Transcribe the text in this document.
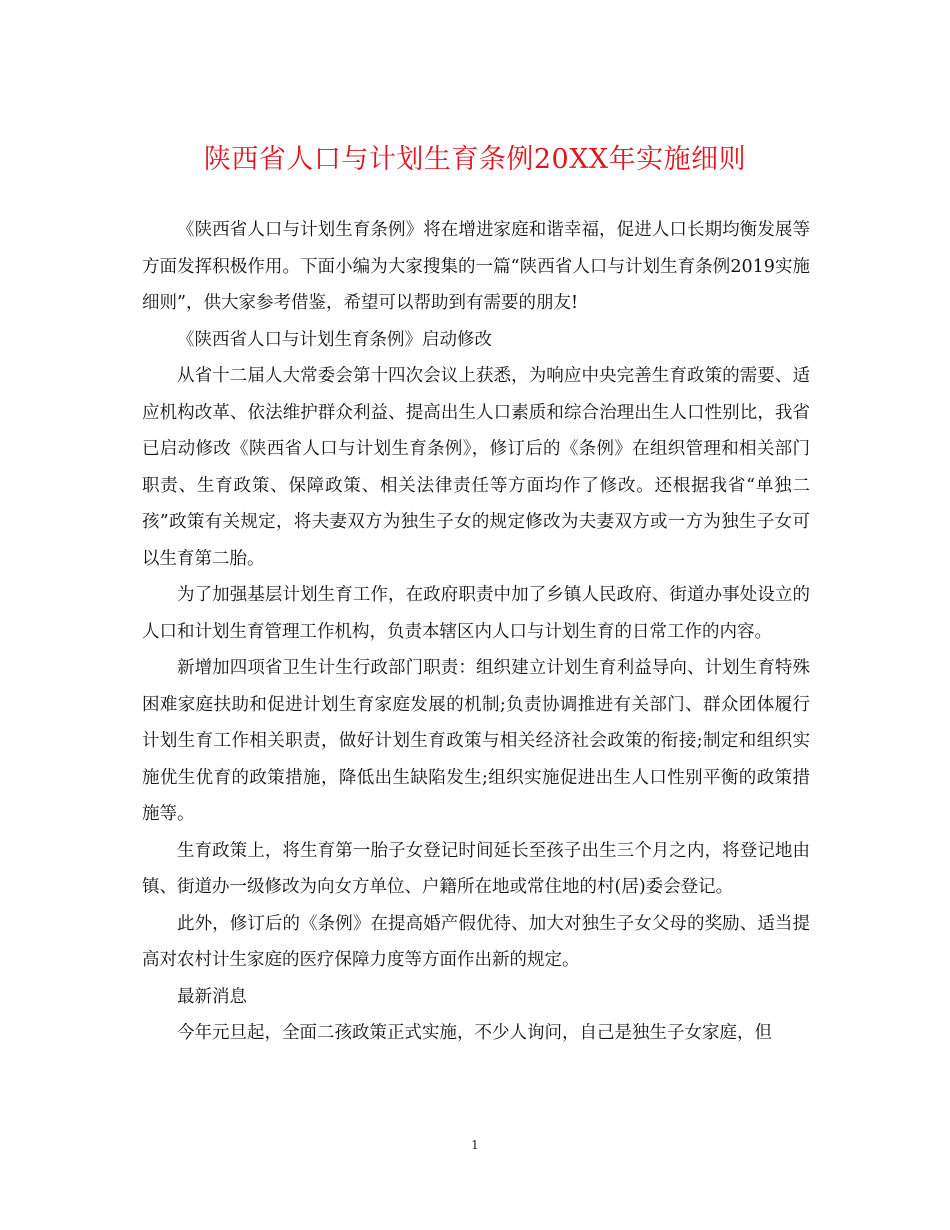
陕西省人口与计划生育条例20XX年实施细则

《陕西省人口与计划生育条例》将在增进家庭和谐幸福，促进人口长期均衡发展等方面发挥积极作用。下面小编为大家搜集的一篇“陕西省人口与计划生育条例2019实施细则”，供大家参考借鉴，希望可以帮助到有需要的朋友!

《陕西省人口与计划生育条例》启动修改

从省十二届人大常委会第十四次会议上获悉，为响应中央完善生育政策的需要、适应机构改革、依法维护群众利益、提高出生人口素质和综合治理出生人口性别比，我省已启动修改《陕西省人口与计划生育条例》，修订后的《条例》在组织管理和相关部门职责、生育政策、保障政策、相关法律责任等方面均作了修改。还根据我省“单独二孩”政策有关规定，将夫妻双方为独生子女的规定修改为夫妻双方或一方为独生子女可以生育第二胎。

为了加强基层计划生育工作，在政府职责中加了乡镇人民政府、街道办事处设立的人口和计划生育管理工作机构，负责本辖区内人口与计划生育的日常工作的内容。

新增加四项省卫生计生行政部门职责：组织建立计划生育利益导向、计划生育特殊困难家庭扶助和促进计划生育家庭发展的机制;负责协调推进有关部门、群众团体履行计划生育工作相关职责，做好计划生育政策与相关经济社会政策的衔接;制定和组织实施优生优育的政策措施，降低出生缺陷发生;组织实施促进出生人口性别平衡的政策措施等。

生育政策上，将生育第一胎子女登记时间延长至孩子出生三个月之内，将登记地由镇、街道办一级修改为向女方单位、户籍所在地或常住地的村(居)委会登记。

此外，修订后的《条例》在提高婚产假优待、加大对独生子女父母的奖励、适当提高对农村计生家庭的医疗保障力度等方面作出新的规定。

最新消息

今年元旦起，全面二孩政策正式实施，不少人询问，自己是独生子女家庭，但

1
